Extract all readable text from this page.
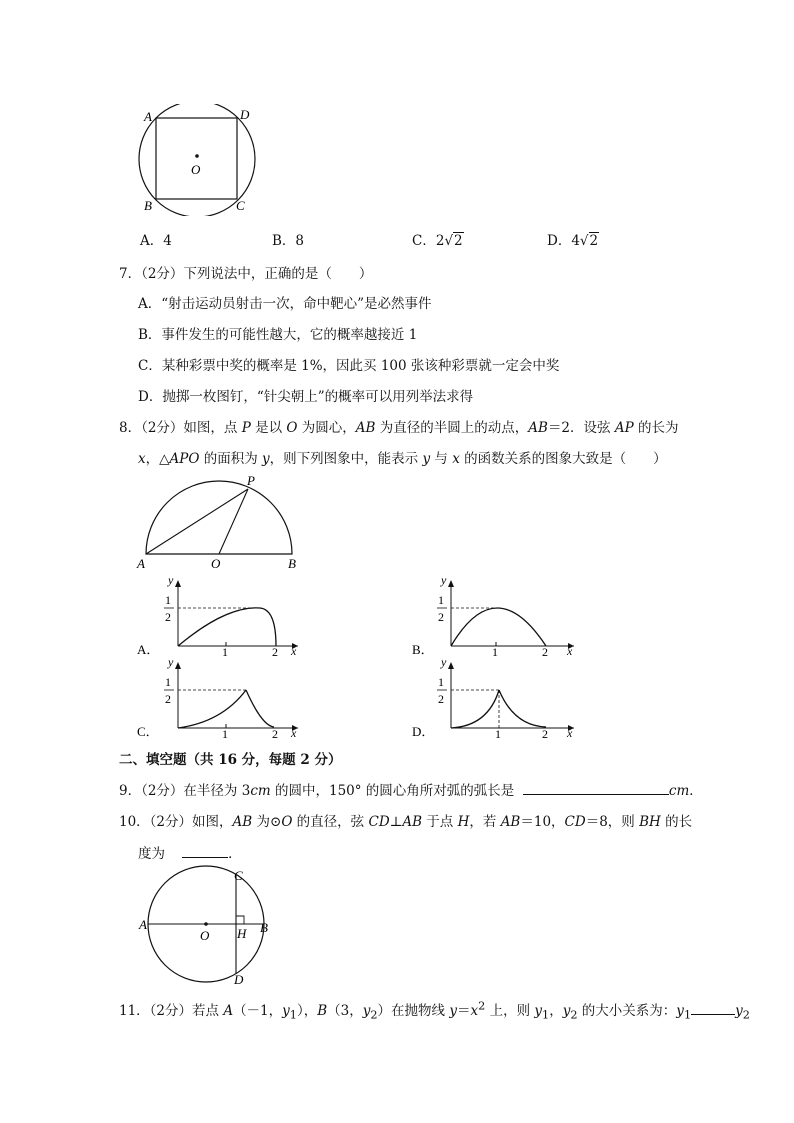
A	D
O
B	C
A．4	B．8	C．2√2	D．4√2
7．（2分）下列说法中，正确的是（　　）
A．“射击运动员射击一次，命中靶心”是必然事件
B．事件发生的可能性越大，它的概率越接近 1
C．某种彩票中奖的概率是 1%，因此买 100 张该种彩票就一定会中奖
D．抛掷一枚图钉，“针尖朝上”的概率可以用列举法求得
8．（2分）如图，点 P 是以 O 为圆心，AB 为直径的半圆上的动点，AB＝2．设弦 AP 的长为
x，△APO 的面积为 y，则下列图象中，能表示 y 与 x 的函数关系的图象大致是（　　）
A	O	B
P
y
x
1
2
1	2
A．
y
x
1
2
1	2
B．
y
x
1
2
1	2
C．
y
x
1
2
1	2
D．
二、填空题（共 16 分，每题 2 分）
9．（2分）在半径为 3cm 的圆中，150° 的圆心角所对弧的弧长是	cm．
10．（2分）如图，AB 为⊙O 的直径，弦 CD⊥AB 于点 H，若 AB＝10，CD＝8，则 BH 的长
度为	．
A	B
C
D
O H
11．（2分）若点 A（－1，$y_1$），B（3，$y_2$）在抛物线 $y=x^2$ 上，则 $y_1$，$y_2$ 的大小关系为：$y_1$	$y_2$
